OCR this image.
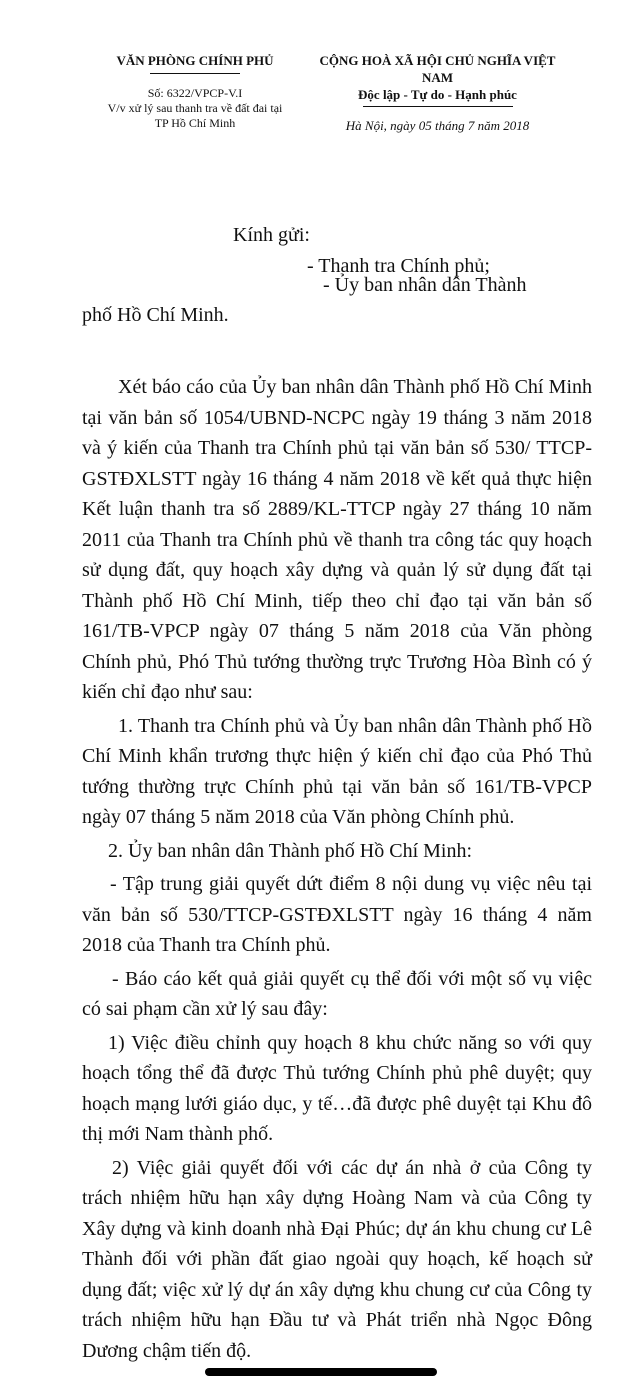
VĂN PHÒNG CHÍNH PHỦ
Số: 6322/VPCP-V.I
V/v xử lý sau thanh tra về đất đai tại
TP Hồ Chí Minh
CỘNG HOÀ XÃ HỘI CHỦ NGHĨA VIỆT NAM
Độc lập - Tự do - Hạnh phúc
Hà Nội, ngày 05 tháng 7 năm 2018
Kính gửi:
- Thanh tra Chính phủ;
- Ủy ban nhân dân Thành
phố Hồ Chí Minh.

Xét báo cáo của Ủy ban nhân dân Thành phố Hồ Chí Minh tại văn bản số 1054/UBND-NCPC ngày 19 tháng 3 năm 2018 và ý kiến của Thanh tra Chính phủ tại văn bản số 530/ TTCP-GSTĐXLSTT ngày 16 tháng 4 năm 2018 về kết quả thực hiện Kết luận thanh tra số 2889/KL-TTCP ngày 27 tháng 10 năm 2011 của Thanh tra Chính phủ về thanh tra công tác quy hoạch sử dụng đất, quy hoạch xây dựng và quản lý sử dụng đất tại Thành phố Hồ Chí Minh, tiếp theo chỉ đạo tại văn bản số 161/TB-VPCP ngày 07 tháng 5 năm 2018 của Văn phòng Chính phủ, Phó Thủ tướng thường trực Trương Hòa Bình có ý kiến chỉ đạo như sau:

1. Thanh tra Chính phủ và Ủy ban nhân dân Thành phố Hồ Chí Minh khẩn trương thực hiện ý kiến chỉ đạo của Phó Thủ tướng thường trực Chính phủ tại văn bản số 161/TB-VPCP ngày 07 tháng 5 năm 2018 của Văn phòng Chính phủ.

2. Ủy ban nhân dân Thành phố Hồ Chí Minh:

- Tập trung giải quyết dứt điểm 8 nội dung vụ việc nêu tại văn bản số 530/TTCP-GSTĐXLSTT ngày 16 tháng 4 năm 2018 của Thanh tra Chính phủ.

- Báo cáo kết quả giải quyết cụ thể đối với một số vụ việc có sai phạm cần xử lý sau đây:

1) Việc điều chỉnh quy hoạch 8 khu chức năng so với quy hoạch tổng thể đã được Thủ tướng Chính phủ phê duyệt; quy hoạch mạng lưới giáo dục, y tế…đã được phê duyệt tại Khu đô thị mới Nam thành phố.

2) Việc giải quyết đối với các dự án nhà ở của Công ty trách nhiệm hữu hạn xây dựng Hoàng Nam và của Công ty Xây dựng và kinh doanh nhà Đại Phúc; dự án khu chung cư Lê Thành đối với phần đất giao ngoài quy hoạch, kế hoạch sử dụng đất; việc xử lý dự án xây dựng khu chung cư của Công ty trách nhiệm hữu hạn Đầu tư và Phát triển nhà Ngọc Đông Dương chậm tiến độ.
